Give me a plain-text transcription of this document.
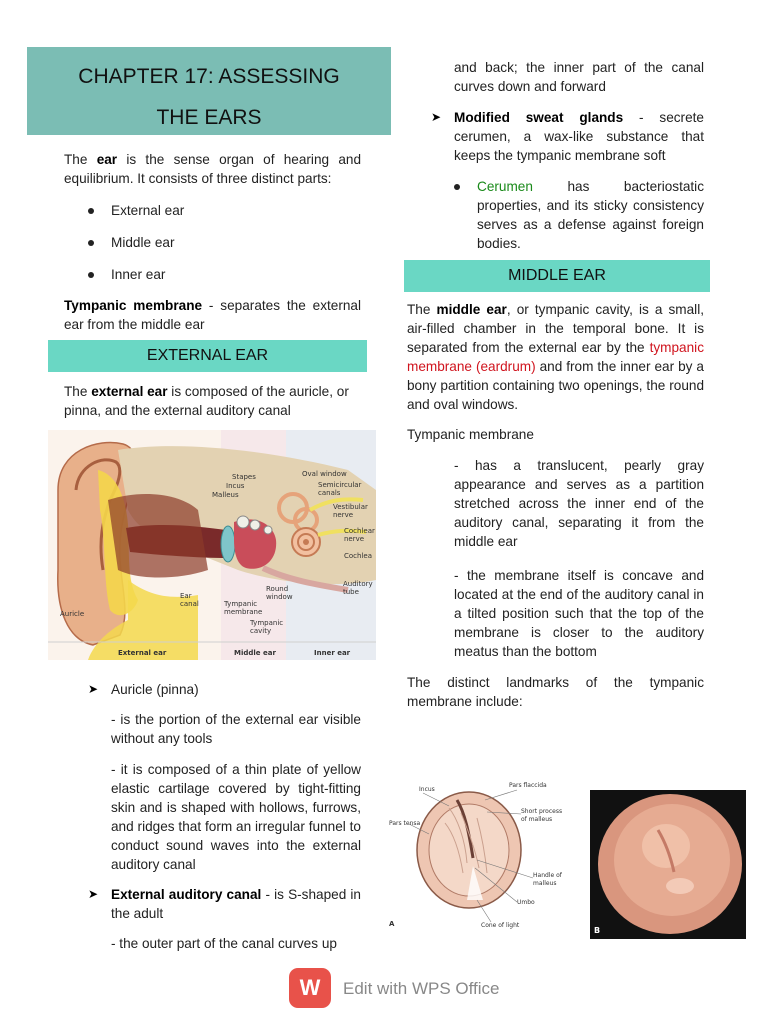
CHAPTER 17: ASSESSING
THE EARS
The ear is the sense organ of hearing and equilibrium. It consists of three distinct parts:
External ear
Middle ear
Inner ear
Tympanic membrane - separates the external ear from the middle ear
EXTERNAL EAR
The external ear is composed of the auricle, or pinna, and the external auditory canal
Stapes
Incus
Malleus
Oval window
Semicircular canals
Vestibular nerve
Cochlear nerve
Cochlea
Auditory tube
Round window
Ear canal	Tympanic membrane
Tympanic cavity
Auricle
External ear	Middle ear	Inner ear
➤ Auricle (pinna)
- is the portion of the external ear visible without any tools
- it is composed of a thin plate of yellow elastic cartilage covered by tight-fitting skin and is shaped with hollows, furrows, and ridges that form an irregular funnel to conduct sound waves into the external auditory canal
➤ External auditory canal - is S-shaped in the adult
- the outer part of the canal curves up
and back; the inner part of the canal curves down and forward
➤ Modified sweat glands - secrete cerumen, a wax-like substance that keeps the tympanic membrane soft
Cerumen has bacteriostatic properties, and its sticky consistency serves as a defense against foreign bodies.
MIDDLE EAR
The middle ear, or tympanic cavity, is a small, air-filled chamber in the temporal bone. It is separated from the external ear by the tympanic membrane (eardrum) and from the inner ear by a bony partition containing two openings, the round and oval windows.
Tympanic membrane
- has a translucent, pearly gray appearance and serves as a partition stretched across the inner end of the auditory canal, separating it from the middle ear
- the membrane itself is concave and located at the end of the auditory canal in a tilted position such that the top of the membrane is closer to the auditory meatus than the bottom
The distinct landmarks of the tympanic membrane include:
Incus
Pars flaccida
Short process of malleus
Pars tensa
Handle of malleus
Umbo
Cone of light
A
B
W	Edit with WPS Office
